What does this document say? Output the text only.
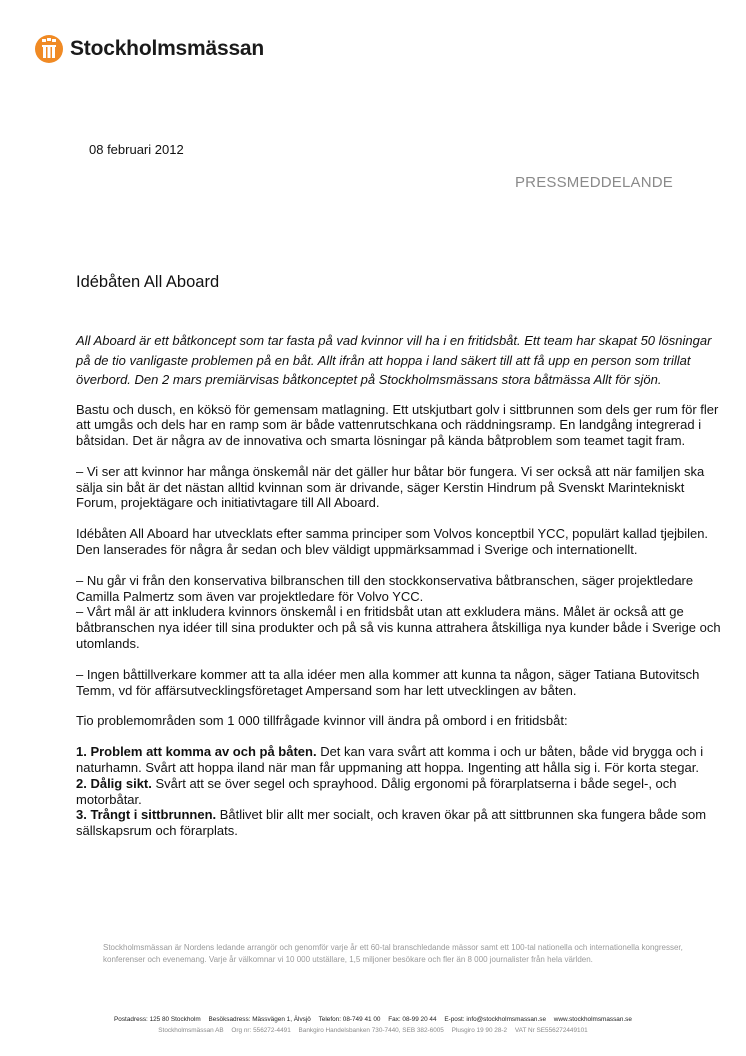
Stockholmsmässan
08 februari 2012
PRESSMEDDELANDE
Idébåten All Aboard

All Aboard är ett båtkoncept som tar fasta på vad kvinnor vill ha i en fritidsbåt. Ett team har skapat 50 lösningar på de tio vanligaste problemen på en båt. Allt ifrån att hoppa i land säkert till att få upp en person som trillat överbord. Den 2 mars premiärvisas båtkonceptet på Stockholmsmässans stora båtmässa Allt för sjön.

Bastu och dusch, en köksö för gemensam matlagning. Ett utskjutbart golv i sittbrunnen som dels ger rum för fler att umgås och dels har en ramp som är både vattenrutschkana och räddningsramp. En landgång integrerad i båtsidan. Det är några av de innovativa och smarta lösningar på kända båtproblem som teamet tagit fram.

– Vi ser att kvinnor har många önskemål när det gäller hur båtar bör fungera. Vi ser också att när familjen ska sälja sin båt är det nästan alltid kvinnan som är drivande, säger Kerstin Hindrum på Svenskt Marintekniskt Forum, projektägare och initiativtagare till All Aboard.

Idébåten All Aboard har utvecklats efter samma principer som Volvos konceptbil YCC, populärt kallad tjejbilen. Den lanserades för några år sedan och blev väldigt uppmärksammad i Sverige och internationellt.

– Nu går vi från den konservativa bilbranschen till den stockkonservativa båtbranschen, säger projektledare Camilla Palmertz som även var projektledare för Volvo YCC.

– Vårt mål är att inkludera kvinnors önskemål i en fritidsbåt utan att exkludera mäns. Målet är också att ge båtbranschen nya idéer till sina produkter och på så vis kunna attrahera åtskilliga nya kunder både i Sverige och utomlands.

– Ingen båttillverkare kommer att ta alla idéer men alla kommer att kunna ta någon, säger Tatiana Butovitsch Temm, vd för affärsutvecklingsföretaget Ampersand som har lett utvecklingen av båten.

Tio problemområden som 1 000 tillfrågade kvinnor vill ändra på ombord i en fritidsbåt:

1. Problem att komma av och på båten. Det kan vara svårt att komma i och ur båten, både vid brygga och i naturhamn. Svårt att hoppa iland när man får uppmaning att hoppa. Ingenting att hålla sig i. För korta stegar.

2. Dålig sikt. Svårt att se över segel och sprayhood. Dålig ergonomi på förarplatserna i både segel-, och motorbåtar.

3. Trångt i sittbrunnen. Båtlivet blir allt mer socialt, och kraven ökar på att sittbrunnen ska fungera både som sällskapsrum och förarplats.

Stockholmsmässan är Nordens ledande arrangör och genomför varje år ett 60-tal branschledande mässor samt ett 100-tal nationella och internationella kongresser, konferenser och evenemang. Varje år välkomnar vi 10 000 utställare, 1,5 miljoner besökare och fler än 8 000 journalister från hela världen.
Postadress: 125 80 Stockholm Besöksadress: Mässvägen 1, Älvsjö Telefon: 08-749 41 00 Fax: 08-99 20 44 E-post: info@stockholmsmassan.se www.stockholmsmassan.se
Stockholmsmässan AB Org nr: 556272-4491 Bankgiro Handelsbanken 730-7440, SEB 382-6005 Plusgiro 19 90 28-2 VAT Nr SE556272449101
